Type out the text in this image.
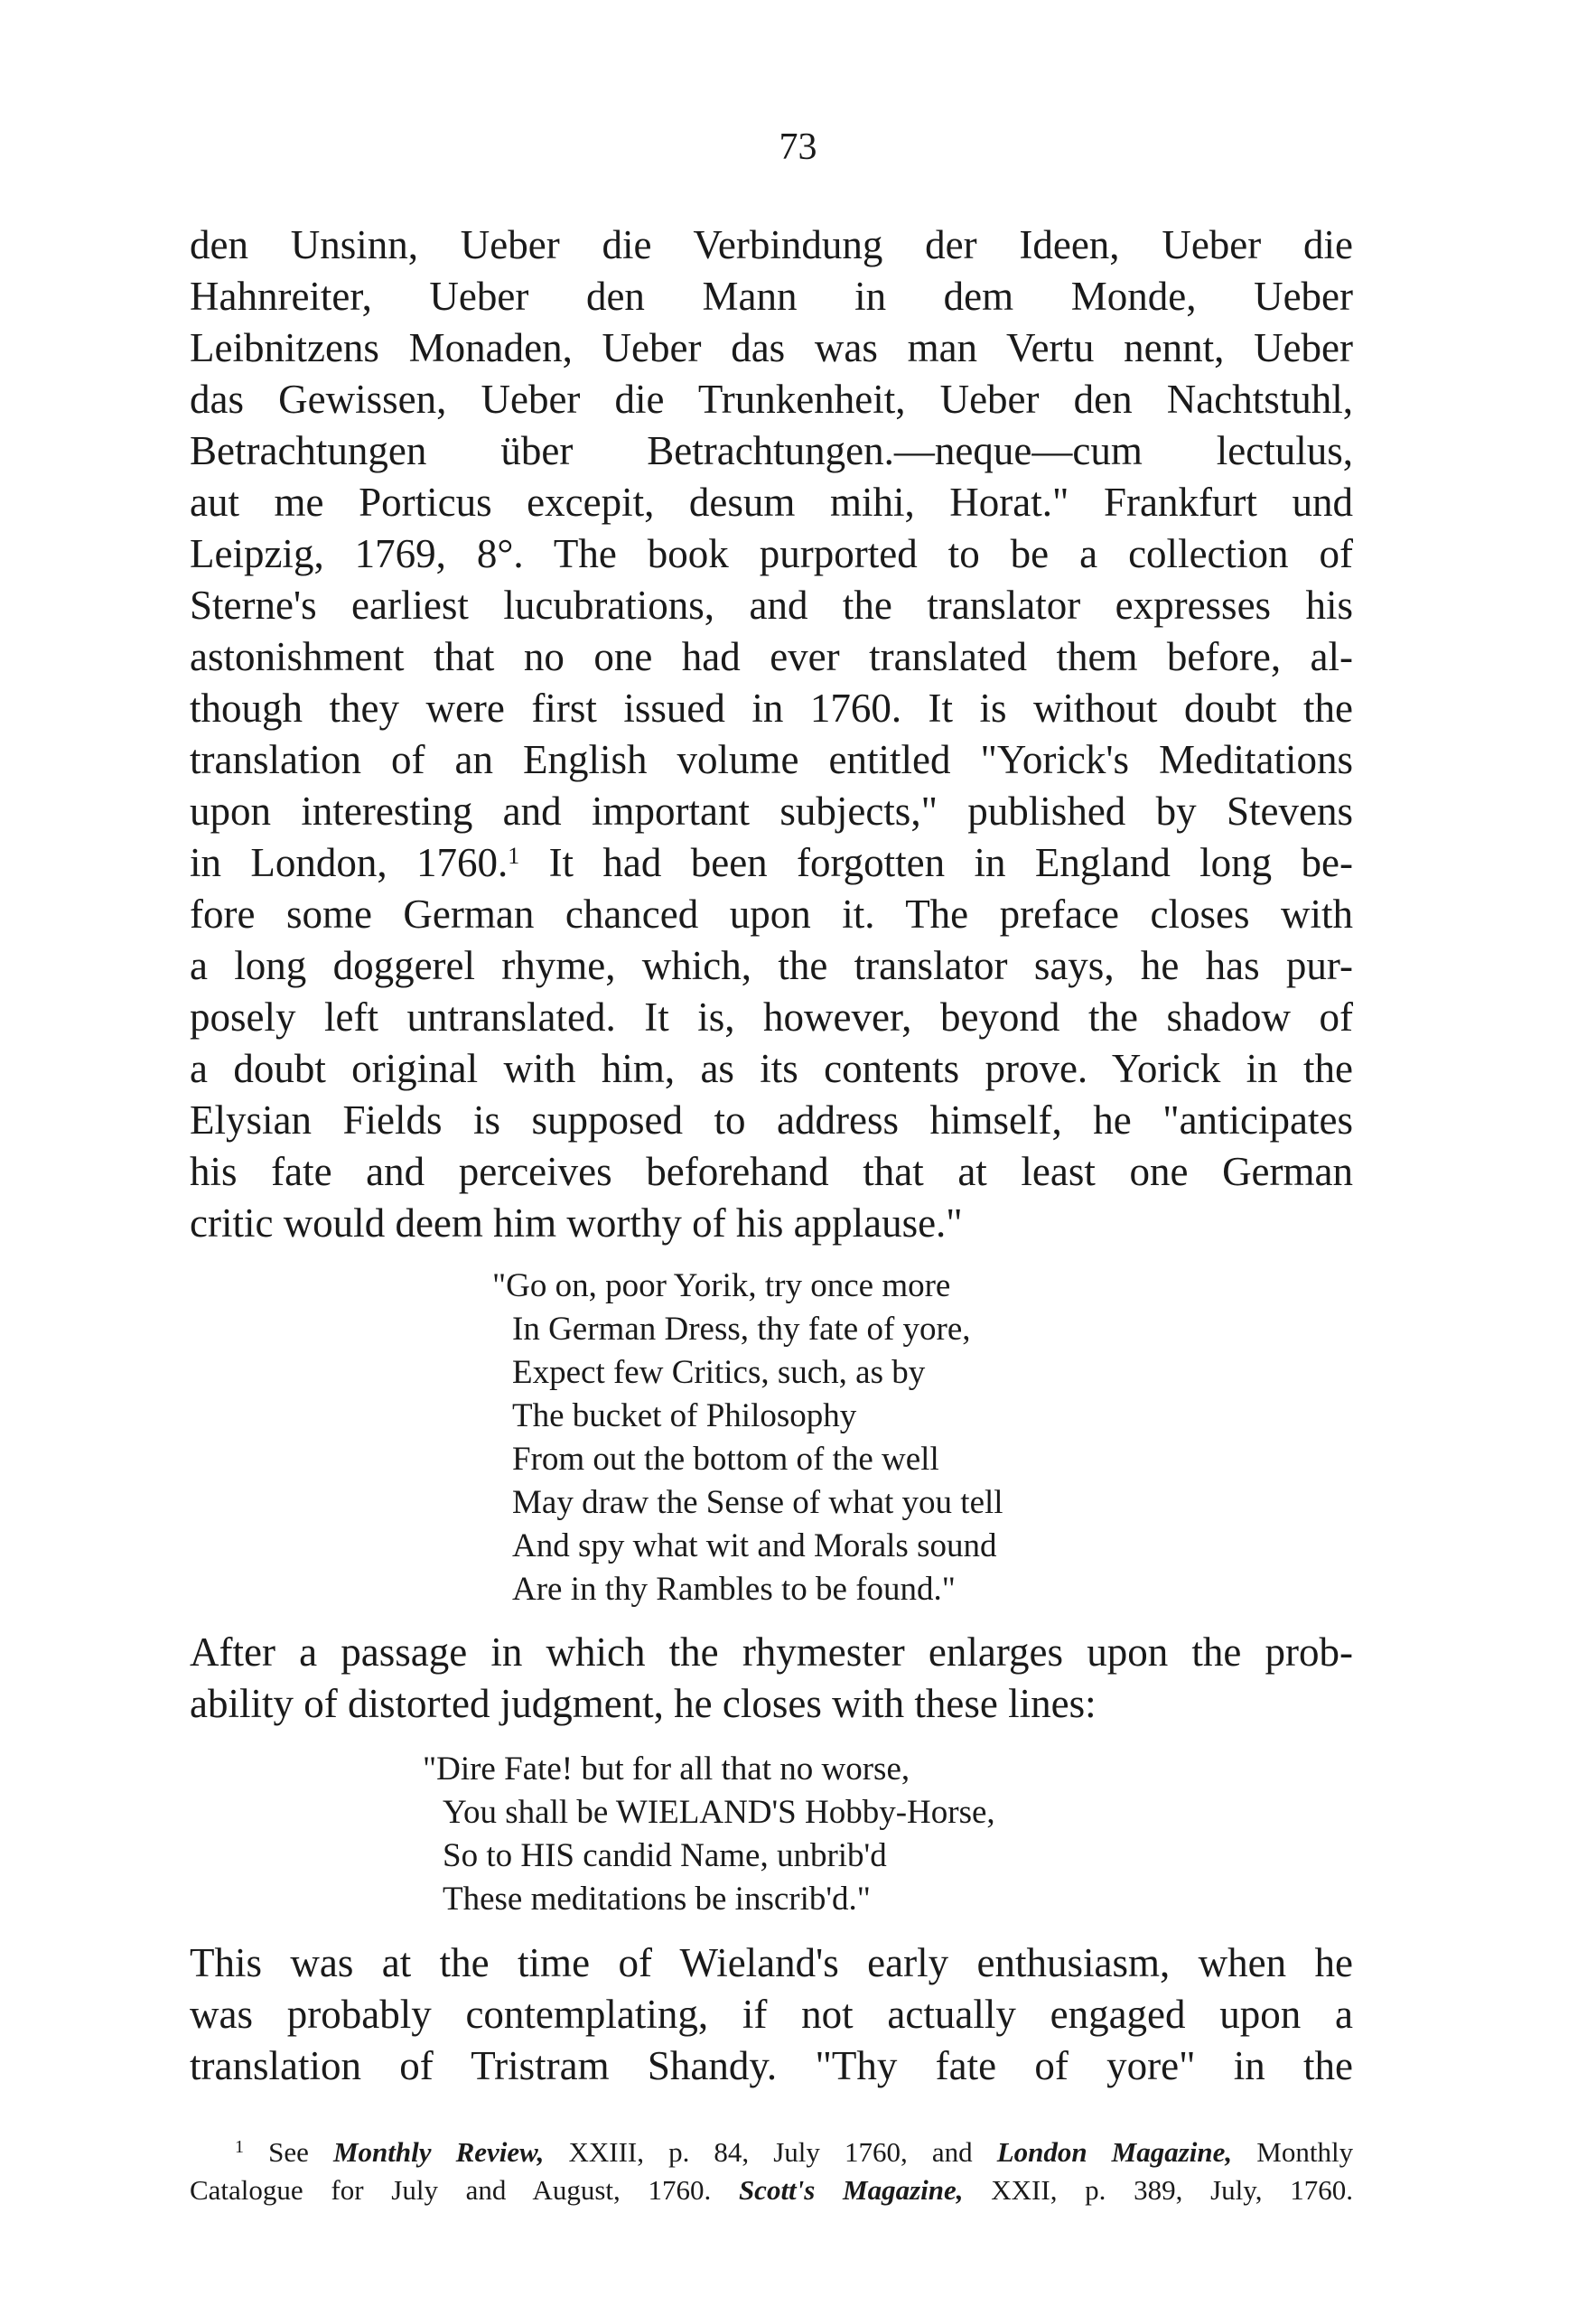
73
den Unsinn, Ueber die Verbindung der Ideen, Ueber die
Hahnreiter, Ueber den Mann in dem Monde, Ueber
Leibnitzens Monaden, Ueber das was man Vertu nennt, Ueber
das Gewissen, Ueber die Trunkenheit, Ueber den Nachtstuhl,
Betrachtungen über Betrachtungen.—neque—cum lectulus,
aut me Porticus excepit, desum mihi, Horat." Frankfurt und
Leipzig, 1769, 8°. The book purported to be a collection of
Sterne's earliest lucubrations, and the translator expresses his
astonishment that no one had ever translated them before, al-
though they were first issued in 1760. It is without doubt the
translation of an English volume entitled "Yorick's Meditations
upon interesting and important subjects," published by Stevens
in London, 1760.$^1$ It had been forgotten in England long be-
fore some German chanced upon it. The preface closes with
a long doggerel rhyme, which, the translator says, he has pur-
posely left untranslated. It is, however, beyond the shadow of
a doubt original with him, as its contents prove. Yorick in the
Elysian Fields is supposed to address himself, he "anticipates
his fate and perceives beforehand that at least one German
critic would deem him worthy of his applause."
"Go on, poor Yorik, try once more
In German Dress, thy fate of yore,
Expect few Critics, such, as by
The bucket of Philosophy
From out the bottom of the well
May draw the Sense of what you tell
And spy what wit and Morals sound
Are in thy Rambles to be found."
After a passage in which the rhymester enlarges upon the prob-
ability of distorted judgment, he closes with these lines:
"Dire Fate! but for all that no worse,
You shall be WIELAND'S Hobby-Horse,
So to HIS candid Name, unbrib'd
These meditations be inscrib'd."
This was at the time of Wieland's early enthusiasm, when he
was probably contemplating, if not actually engaged upon a
translation of Tristram Shandy. "Thy fate of yore" in the
$^1$ See Monthly Review, XXIII, p. 84, July 1760, and London Magazine, Monthly
Catalogue for July and August, 1760. Scott's Magazine, XXII, p. 389, July, 1760.
